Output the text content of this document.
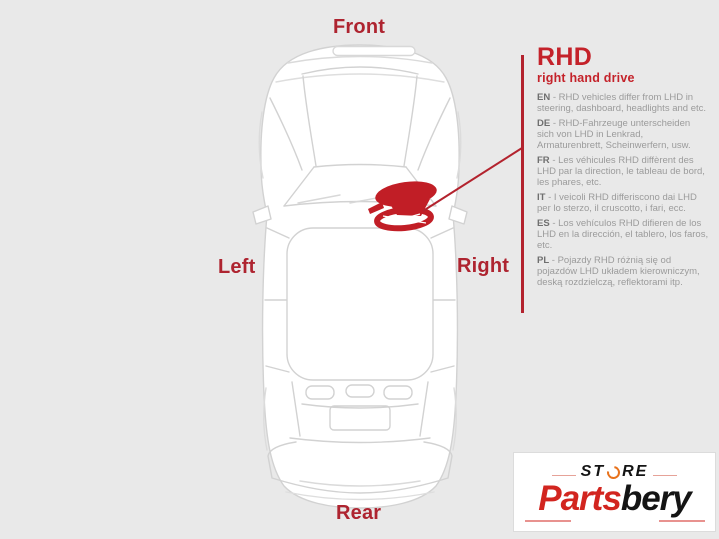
Front
Left	Right
Rear
RHD
right hand drive

EN - RHD vehicles differ from LHD in steering, dashboard, headlights and etc.

DE - RHD-Fahrzeuge unterscheiden sich von LHD in Lenkrad, Armaturenbrett, Scheinwerfern, usw.

FR - Les véhicules RHD diffèrent des LHD par la direction, le tableau de bord, les phares, etc.

IT - I veicoli RHD differiscono dai LHD per lo sterzo, il cruscotto, i fari, ecc.

ES - Los vehículos RHD difieren de los LHD en la dirección, el tablero, los faros, etc.

PL - Pojazdy RHD różnią się od pojazdów LHD układem kierowniczym, deską rozdzielczą, reflektorami itp.

ST RE
Partsbery
